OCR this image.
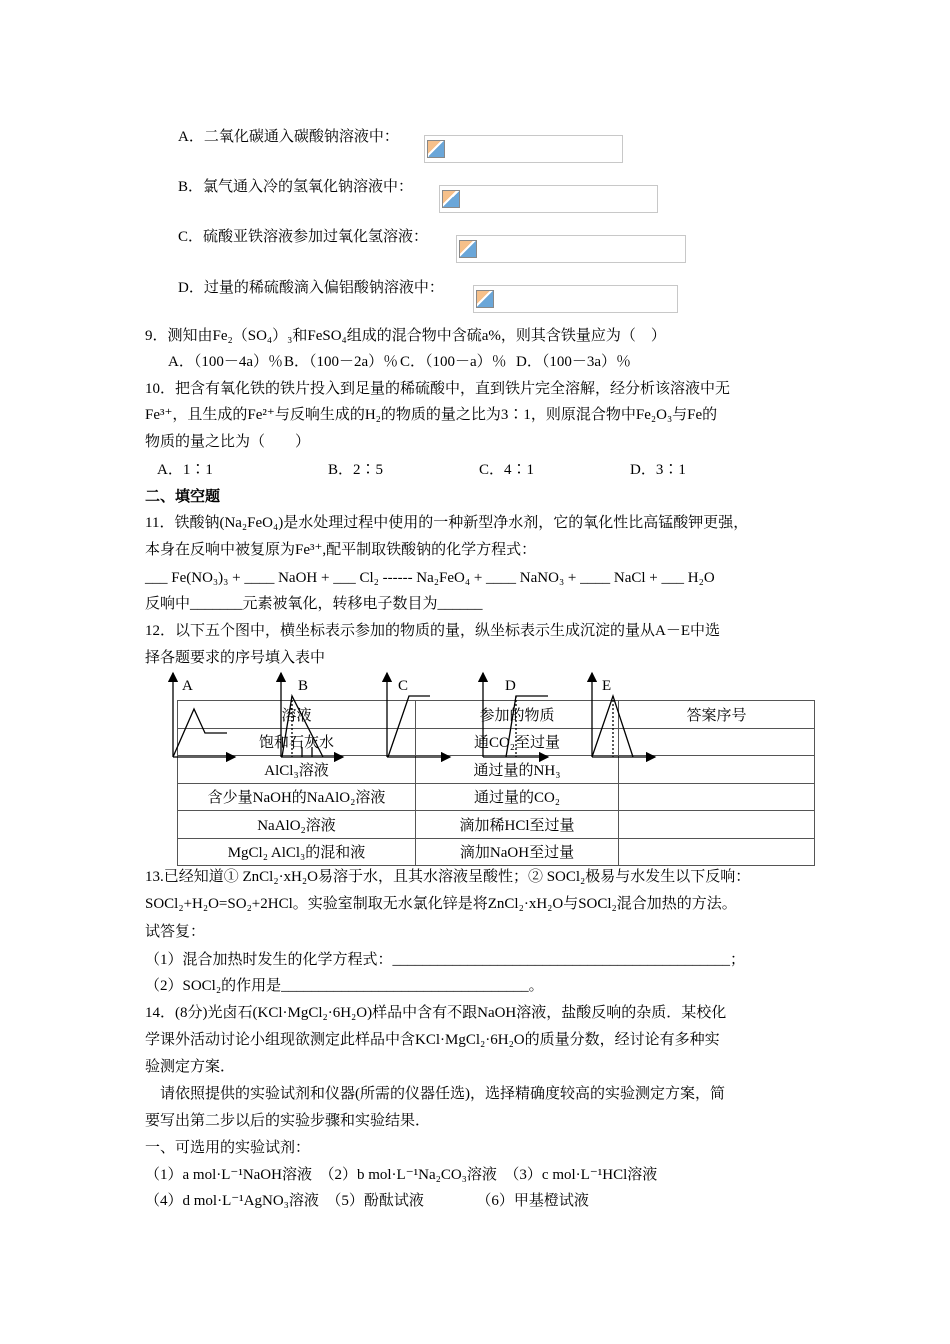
A．二氧化碳通入碳酸钠溶液中：
B．氯气通入冷的氢氧化钠溶液中：
C．硫酸亚铁溶液参加过氧化氢溶液：
D．过量的稀硫酸滴入偏铝酸钠溶液中：
9．测知由Fe₂（SO₄）₃和FeSO₄组成的混合物中含硫a%，则其含铁量应为（　）
A．（100－4a）％ B．（100－2a）％ C．（100－a）％ D．（100－3a）％
10．把含有氧化铁的铁片投入到足量的稀硫酸中，直到铁片完全溶解，经分析该溶液中无
Fe³⁺，且生成的Fe²⁺与反响生成的H₂的物质的量之比为3∶1，则原混合物中Fe₂O₃与Fe的
物质的量之比为（　　）
A．1∶1	B．2∶5	C．4∶1	D．3∶1
二、填空题
11．铁酸钠(Na₂FeO₄)是水处理过程中使用的一种新型净水剂，它的氧化性比高锰酸钾更强，
本身在反响中被复原为Fe³⁺,配平制取铁酸钠的化学方程式：
___ Fe(NO₃)₃ + ____ NaOH + ___ Cl₂ ------ Na₂FeO₄ + ____ NaNO₃ + ____ NaCl + ___ H₂O
反响中_______元素被氧化，转移电子数目为______
12．以下五个图中，横坐标表示参加的物质的量，纵坐标表示生成沉淀的量从A－E中选
择各题要求的序号填入表中
溶液	参加的物质	答案序号
饱和石灰水	通CO₂至过量	
AlCl₃溶液	通过量的NH₃	
含少量NaOH的NaAlO₂溶液	通过量的CO₂	
NaAlO₂溶液	滴加稀HCl至过量	
MgCl₂ AlCl₃的混和液	滴加NaOH至过量	
A	B	C	D	E
13.已经知道① ZnCl₂·xH₂O易溶于水，且其水溶液呈酸性；② SOCl₂极易与水发生以下反响：
SOCl₂+H₂O=SO₂+2HCl。实验室制取无水氯化锌是将ZnCl₂·xH₂O与SOCl₂混合加热的方法。
试答复：
（1）混合加热时发生的化学方程式：_____________________________________________；
（2）SOCl₂的作用是_________________________________。
14．(8分)光卤石(KCl·MgCl₂·6H₂O)样品中含有不跟NaOH溶液，盐酸反响的杂质．某校化
学课外活动讨论小组现欲测定此样品中含KCl·MgCl₂·6H₂O的质量分数，经讨论有多种实
验测定方案．
　请依照提供的实验试剂和仪器(所需的仪器任选)，选择精确度较高的实验测定方案，简
要写出第二步以后的实验步骤和实验结果．
一、可选用的实验试剂：
（1）a mol·L⁻¹NaOH溶液　（2）b mol·L⁻¹Na₂CO₃溶液　（3）c mol·L⁻¹HCl溶液
（4）d mol·L⁻¹AgNO₃溶液　（5）酚酞试液　　　　（6）甲基橙试液
